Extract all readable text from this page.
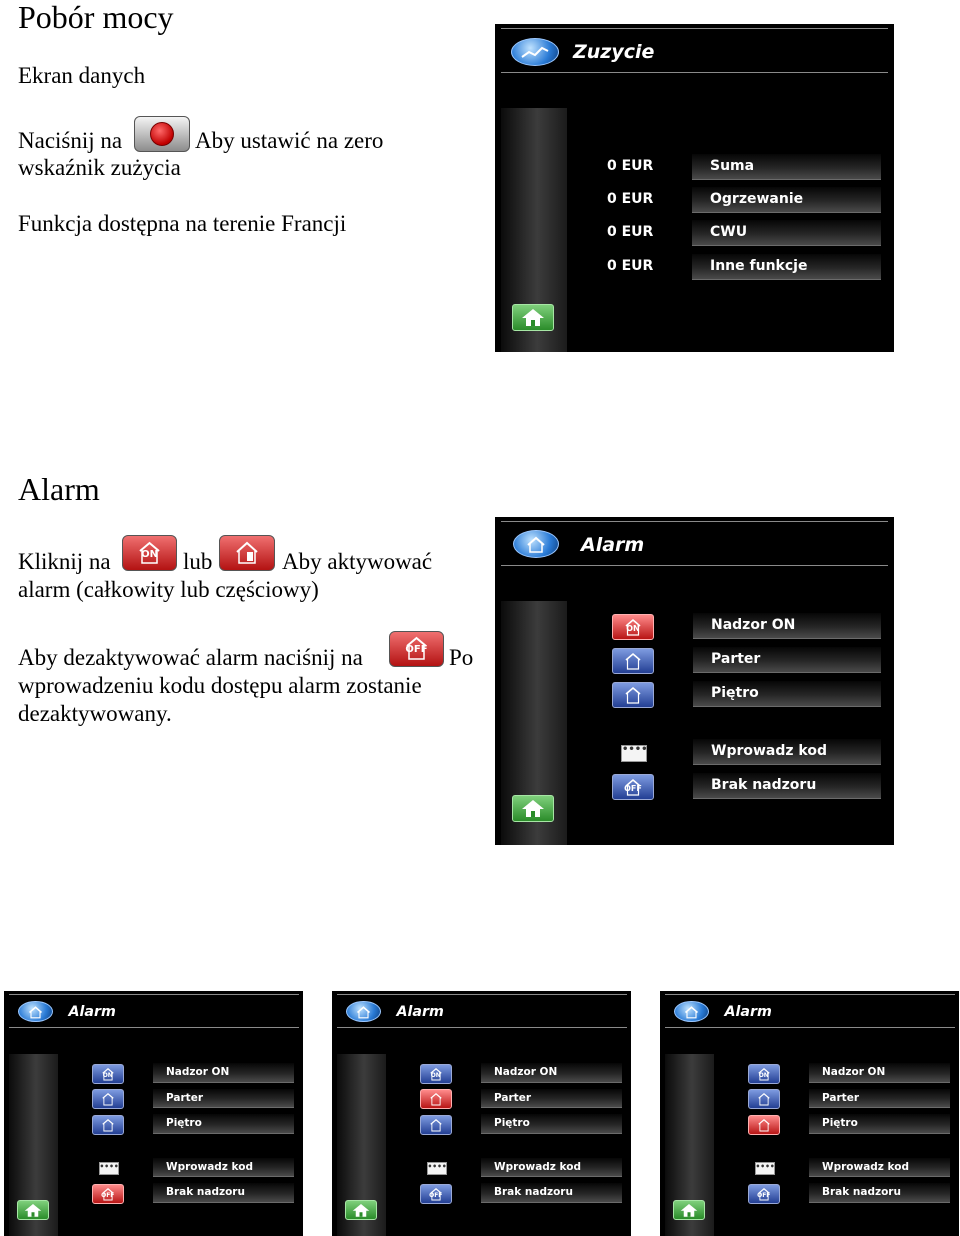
Pobór mocy
Ekran danych
Naciśnij na	Aby ustawić na zero
wskaźnik zużycia
Funkcja dostępna na terenie Francji
Zuzycie
0 EUR	Suma
0 EUR	Ogrzewanie
0 EUR	CWU
0 EUR	Inne funkcje
Alarm
Kliknij na	ON	lub	Aby aktywować
alarm (całkowity lub częściowy)
Aby dezaktywować alarm naciśnij na	OFF Po
wprowadzeniu kodu dostępu alarm zostanie
dezaktywowany.
Alarm
ON	Nadzor ON
Parter
Piętro
••••	Wprowadz kod
OFF	Brak nadzoru
Alarm
ON	Nadzor ON
Parter
Piętro
••••	Wprowadz kod
OFF	Brak nadzoru
Alarm
ON	Nadzor ON
Parter
Piętro
••••	Wprowadz kod
OFF	Brak nadzoru
Alarm
ON	Nadzor ON
Parter
Piętro
••••	Wprowadz kod
OFF	Brak nadzoru
